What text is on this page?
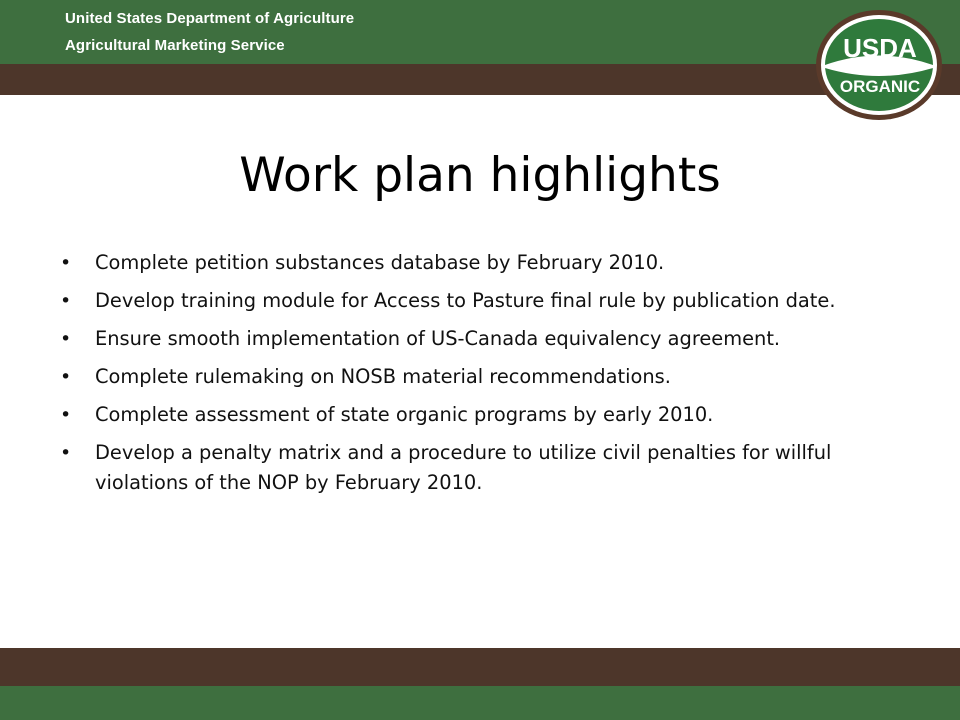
United States Department of Agriculture
Agricultural Marketing Service	USDA
ORGANIC
Work plan highlights
• Complete petition substances database by February 2010.
• Develop training module for Access to Pasture final rule by publication date.
• Ensure smooth implementation of US-Canada equivalency agreement.
• Complete rulemaking on NOSB material recommendations.
• Complete assessment of state organic programs by early 2010.
• Develop a penalty matrix and a procedure to utilize civil penalties for willful violations of the NOP by February 2010.
